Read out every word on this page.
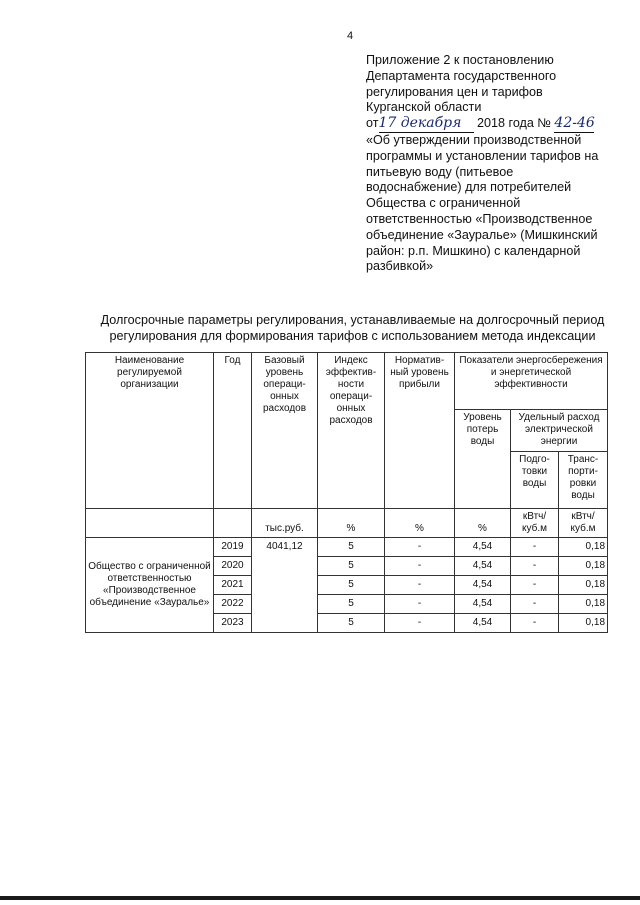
4
Приложение 2 к постановлению
Департамента государственного
регулирования цен и тарифов
Курганской области
от17 декабря 2018 года № 42-46
«Об утверждении производственной
программы и установлении тарифов на
питьевую воду (питьевое
водоснабжение) для потребителей
Общества с ограниченной
ответственностью «Производственное
объединение «Зауралье» (Мишкинский
район: р.п. Мишкино) с календарной
разбивкой»
Долгосрочные параметры регулирования, устанавливаемые на долгосрочный период
регулирования для формирования тарифов с использованием метода индексации
Наименование регулируемой организации	Год	Базовый уровень операци-онных расходов	Индекс эффектив-ности операци-онных расходов	Норматив-ный уровень прибыли	Показатели энергосбережения и энергетической эффективности		
					Уровень потерь воды	Удельный расход электрической энергии	
						Подго-товки воды	Транс-порти-ровки воды
		тыс.руб.	%	%	%	кВтч/ куб.м	кВтч/ куб.м
Общество с ограниченной ответственностью «Производственное объединение «Зауралье»	2019	4041,12	5	-	4,54	-	0,18
	2020		5	-	4,54	-	0,18
	2021		5	-	4,54	-	0,18
	2022		5	-	4,54	-	0,18
	2023		5	-	4,54	-	0,18
